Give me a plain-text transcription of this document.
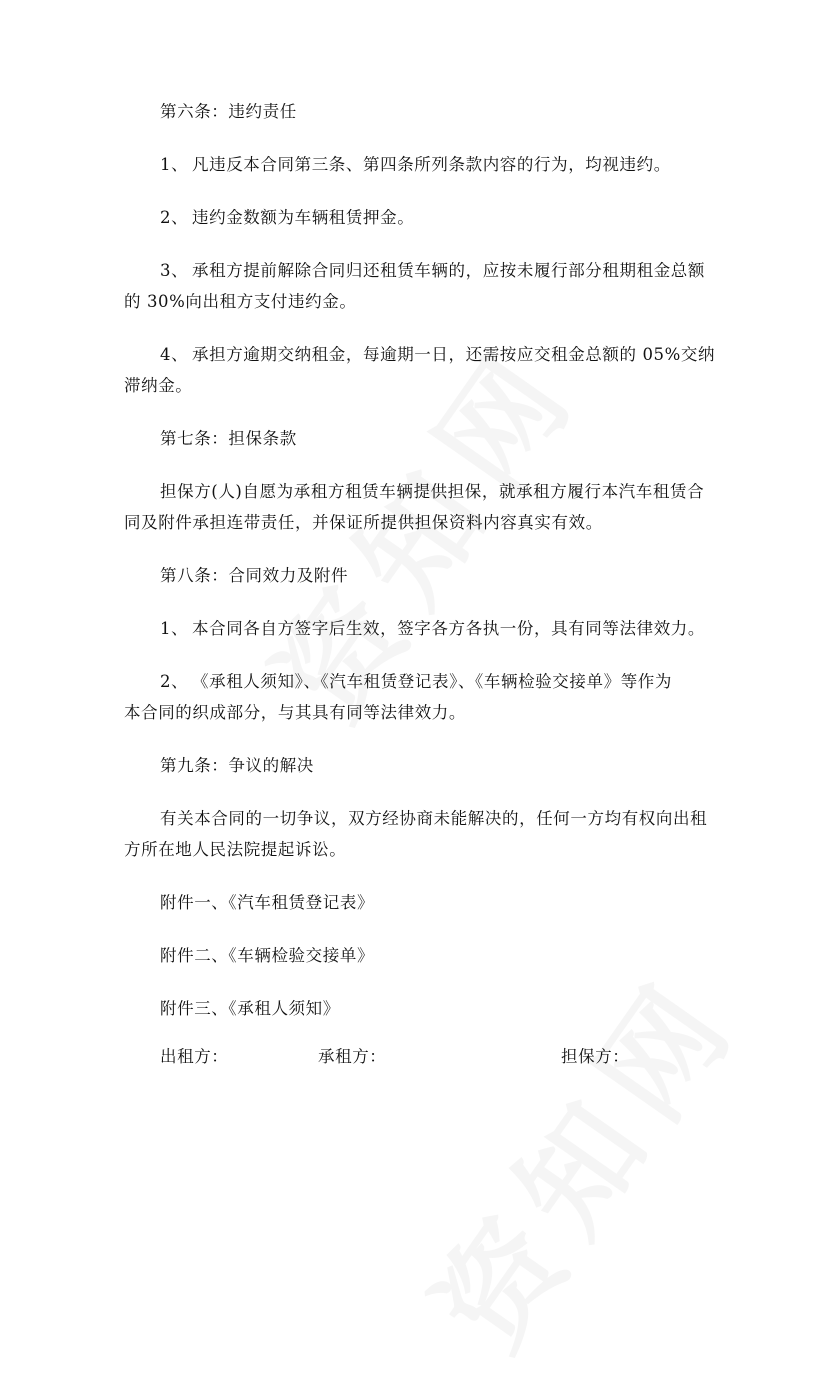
第六条：违约责任
1、 凡违反本合同第三条、第四条所列条款内容的行为，均视违约。
2、 违约金数额为车辆租赁押金。
3、 承租方提前解除合同归还租赁车辆的，应按未履行部分租期租金总额
的 30%向出租方支付违约金。
4、 承担方逾期交纳租金，每逾期一日，还需按应交租金总额的 05%交纳
滞纳金。
第七条：担保条款
担保方(人)自愿为承租方租赁车辆提供担保，就承租方履行本汽车租赁合
同及附件承担连带责任，并保证所提供担保资料内容真实有效。
第八条：合同效力及附件
1、 本合同各自方签字后生效，签字各方各执一份，具有同等法律效力。
2、 《承租人须知》、《汽车租赁登记表》、《车辆检验交接单》等作为
本合同的织成部分，与其具有同等法律效力。
第九条：争议的解决
有关本合同的一切争议，双方经协商未能解决的，任何一方均有权向出租
方所在地人民法院提起诉讼。
附件一、《汽车租赁登记表》
附件二、《车辆检验交接单》
附件三、《承租人须知》
出租方：	承租方：	担保方：
